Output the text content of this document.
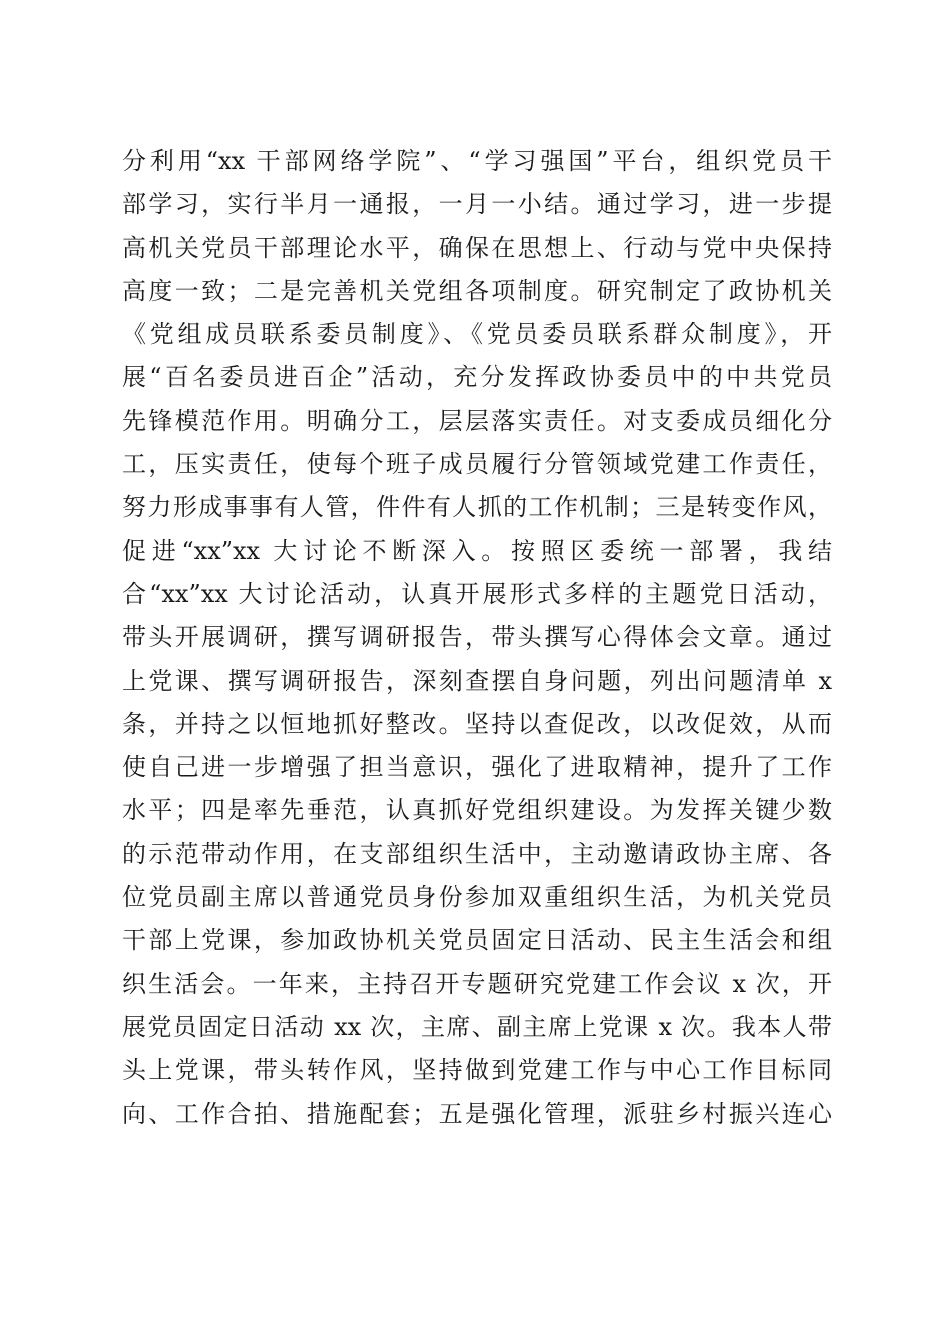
分利用“xx 干部网络学院”、“学习强国”平台，组织党员干
部学习，实行半月一通报，一月一小结。通过学习，进一步提
高机关党员干部理论水平，确保在思想上、行动与党中央保持
高度一致；二是完善机关党组各项制度。研究制定了政协机关
《党组成员联系委员制度》、《党员委员联系群众制度》，开
展“百名委员进百企”活动，充分发挥政协委员中的中共党员
先锋模范作用。明确分工，层层落实责任。对支委成员细化分
工，压实责任，使每个班子成员履行分管领域党建工作责任，
努力形成事事有人管，件件有人抓的工作机制；三是转变作风，
促进“xx”xx 大讨论不断深入。按照区委统一部署，我结
合“xx”xx 大讨论活动，认真开展形式多样的主题党日活动，
带头开展调研，撰写调研报告，带头撰写心得体会文章。通过
上党课、撰写调研报告，深刻查摆自身问题，列出问题清单 x
条，并持之以恒地抓好整改。坚持以查促改，以改促效，从而
使自己进一步增强了担当意识，强化了进取精神，提升了工作
水平；四是率先垂范，认真抓好党组织建设。为发挥关键少数
的示范带动作用，在支部组织生活中，主动邀请政协主席、各
位党员副主席以普通党员身份参加双重组织生活，为机关党员
干部上党课，参加政协机关党员固定日活动、民主生活会和组
织生活会。一年来，主持召开专题研究党建工作会议 x 次，开
展党员固定日活动 xx 次，主席、副主席上党课 x 次。我本人带
头上党课，带头转作风，坚持做到党建工作与中心工作目标同
向、工作合拍、措施配套；五是强化管理，派驻乡村振兴连心
